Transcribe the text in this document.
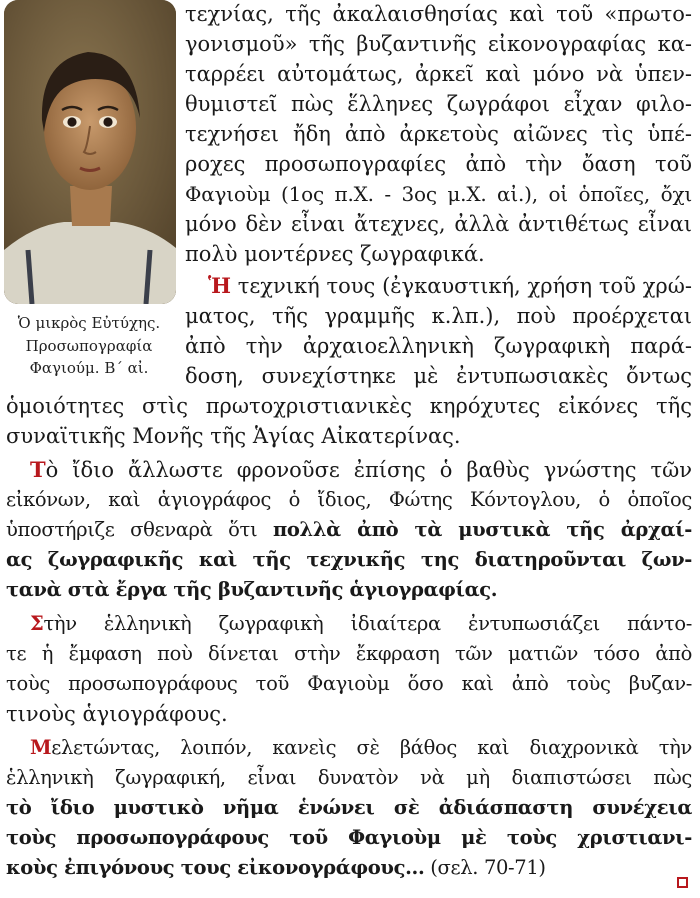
Ὁ μικρὸς Εὐτύχης.
Προσωπογραφία
Φαγιούμ. Β΄ αἰ.
τεχνίας, τῆς ἀκαλαισθησίας καὶ τοῦ «πρωτο-
γονισμοῦ» τῆς βυζαντινῆς εἰκονογραφίας κα-
ταρρέει αὐτομάτως, ἀρκεῖ καὶ μόνο νὰ ὑπεν-
θυμιστεῖ πὼς ἕλληνες ζωγράφοι εἶχαν φιλο-
τεχνήσει ἤδη ἀπὸ ἀρκετοὺς αἰῶνες τὶς ὑπέ-
ροχες προσωπογραφίες ἀπὸ τὴν ὄαση τοῦ
Φαγιοὺμ (1ος π.Χ. - 3ος μ.Χ. αἰ.), οἱ ὁποῖες, ὄχι
μόνο δὲν εἶναι ἄτεχνες, ἀλλὰ ἀντιθέτως εἶναι
πολὺ μοντέρνες ζωγραφικά.
Ἡ τεχνική τους (ἐγκαυστική, χρήση τοῦ χρώ-
ματος, τῆς γραμμῆς κ.λπ.), ποὺ προέρχεται
ἀπὸ τὴν ἀρχαιοελληνικὴ ζωγραφικὴ παρά-
δοση, συνεχίστηκε μὲ ἐντυπωσιακὲς ὄντως
ὁμοιότητες στὶς πρωτοχριστιανικὲς κηρόχυτες εἰκόνες τῆς
συναϊτικῆς Μονῆς τῆς Ἁγίας Αἰκατερίνας.
Τὸ ἴδιο ἄλλωστε φρονοῦσε ἐπίσης ὁ βαθὺς γνώστης τῶν
εἰκόνων, καὶ ἁγιογράφος ὁ ἴδιος, Φώτης Κόντογλου, ὁ ὁποῖος
ὑποστήριζε σθεναρὰ ὅτι πολλὰ ἀπὸ τὰ μυστικὰ τῆς ἀρχαί-
ας ζωγραφικῆς καὶ τῆς τεχνικῆς της διατηροῦνται ζων-
τανὰ στὰ ἔργα τῆς βυζαντινῆς ἁγιογραφίας.
Στὴν ἑλληνικὴ ζωγραφικὴ ἰδιαίτερα ἐντυπωσιάζει πάντο-
τε ἡ ἔμφαση ποὺ δίνεται στὴν ἔκφραση τῶν ματιῶν τόσο ἀπὸ
τοὺς προσωπογράφους τοῦ Φαγιοὺμ ὅσο καὶ ἀπὸ τοὺς βυζαν-
τινοὺς ἁγιογράφους.
Μελετώντας, λοιπόν, κανεὶς σὲ βάθος καὶ διαχρονικὰ τὴν
ἑλληνικὴ ζωγραφική, εἶναι δυνατὸν νὰ μὴ διαπιστώσει πὼς
τὸ ἴδιο μυστικὸ νῆμα ἑνώνει σὲ ἀδιάσπαστη συνέχεια
τοὺς προσωπογράφους τοῦ Φαγιοὺμ μὲ τοὺς χριστιανι-
κοὺς ἐπιγόνους τους εἰκονογράφους... (σελ. 70-71)
